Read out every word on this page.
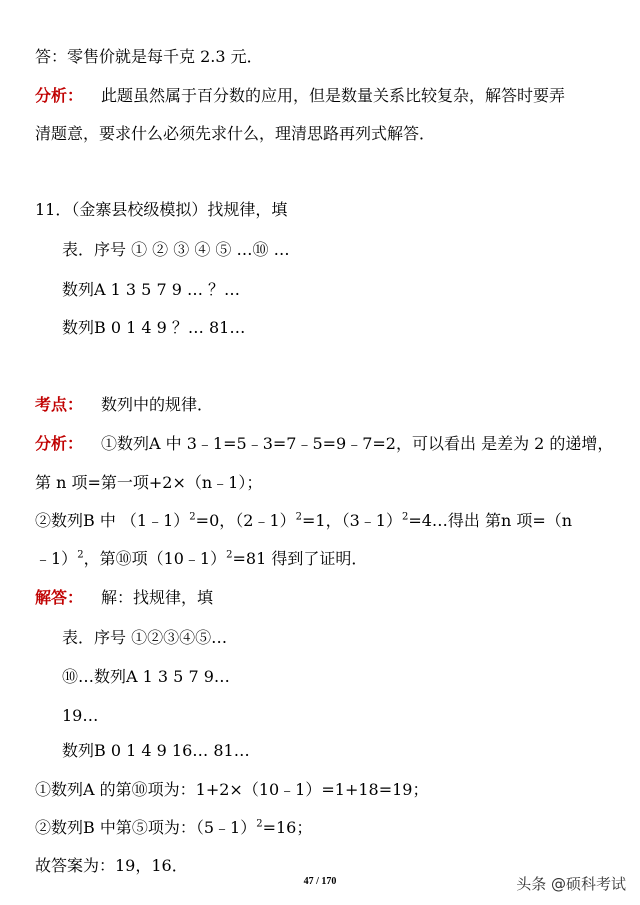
答：零售价就是每千克 2.3 元．
分析： 此题虽然属于百分数的应用，但是数量关系比较复杂，解答时要弄
清题意，要求什么必须先求什么，理清思路再列式解答．
11．（金寨县校级模拟）找规律，填
表．序号 ① ② ③ ④ ⑤ …⑩ …
数列A 1 3 5 7 9 … ？…
数列B 0 1 4 9 ？… 81…
考点： 数列中的规律．
分析： ①数列A 中 3﹣1=5﹣3=7﹣5=9﹣7=2，可以看出 是差为 2 的递增，
第 n 项=第一项+2×（n﹣1）；
②数列B 中 （1﹣1）$^2$=0，（2﹣1）$^2$=1，（3﹣1）$^2$=4…得出 第n 项=（n
﹣1）$^2$，第⑩项（10﹣1）$^2$=81 得到了证明．
解答： 解：找规律，填
表．序号 ①②③④⑤…
⑩…数列A 1 3 5 7 9…
19…
数列B 0 1 4 9 16… 81…
①数列A 的第⑩项为：1+2×（10﹣1）=1+18=19；
②数列B 中第⑤项为：（5﹣1）$^2$=16；
故答案为：19，16．
47 / 170	头条 @硕科考试
